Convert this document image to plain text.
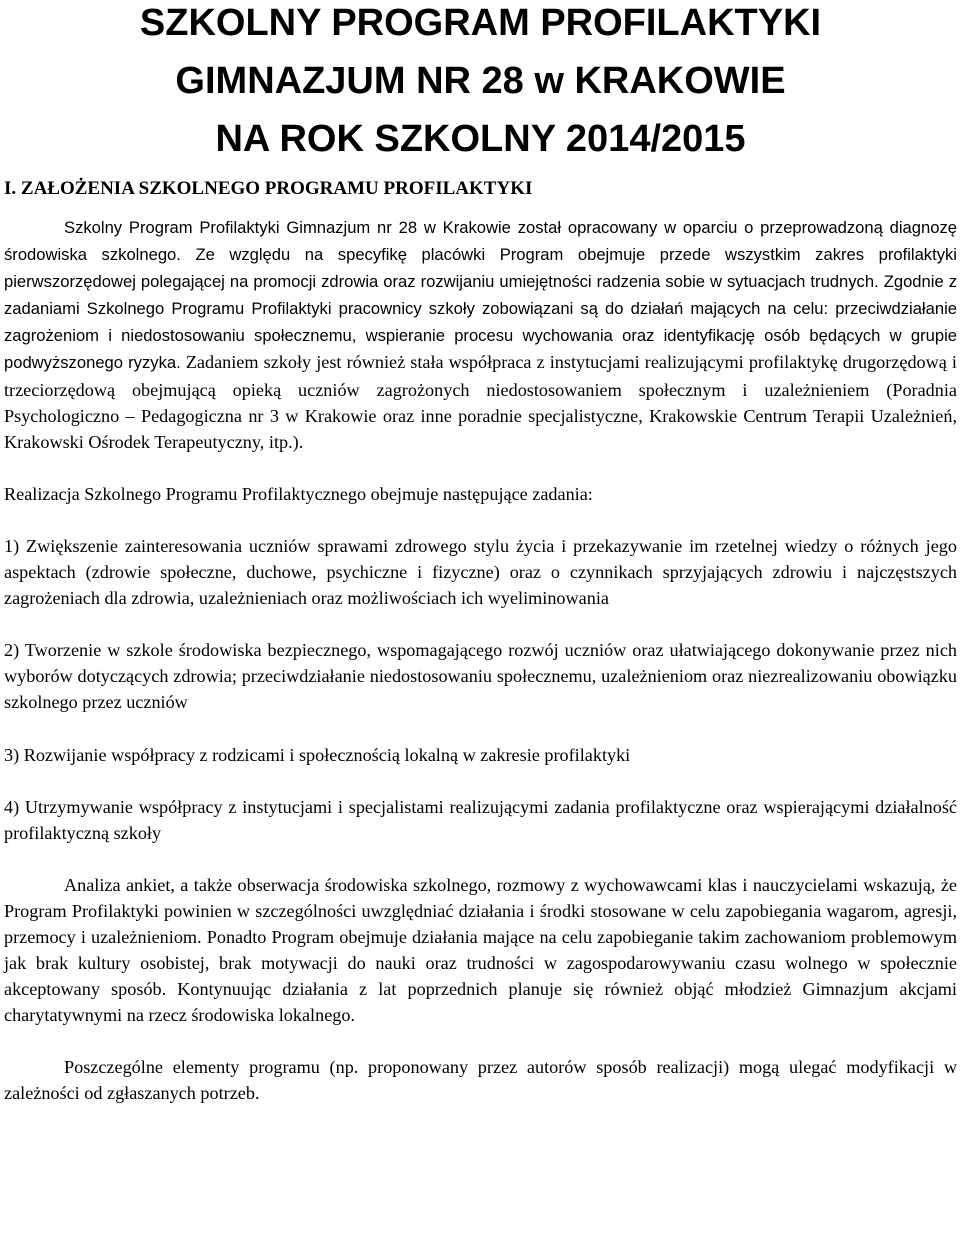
SZKOLNY PROGRAM PROFILAKTYKI
GIMNAZJUM NR 28 w KRAKOWIE
NA ROK SZKOLNY 2014/2015
I. ZAŁOŻENIA SZKOLNEGO PROGRAMU PROFILAKTYKI

Szkolny Program Profilaktyki Gimnazjum nr 28 w Krakowie został opracowany w oparciu o przeprowadzoną diagnozę środowiska szkolnego. Ze względu na specyfikę placówki Program obejmuje przede wszystkim zakres profilaktyki pierwszorzędowej polegającej na promocji zdrowia oraz rozwijaniu umiejętności radzenia sobie w sytuacjach trudnych. Zgodnie z zadaniami Szkolnego Programu Profilaktyki pracownicy szkoły zobowiązani są do działań mających na celu: przeciwdziałanie zagrożeniom i niedostosowaniu społecznemu, wspieranie procesu wychowania oraz identyfikację osób będących w grupie podwyższonego ryzyka. Zadaniem szkoły jest również stała współpraca z instytucjami realizującymi profilaktykę drugorzędową i trzeciorzędową obejmującą opieką uczniów zagrożonych niedostosowaniem społecznym i uzależnieniem (Poradnia Psychologiczno – Pedagogiczna nr 3 w Krakowie oraz inne poradnie specjalistyczne, Krakowskie Centrum Terapii Uzależnień, Krakowski Ośrodek Terapeutyczny, itp.).

Realizacja Szkolnego Programu Profilaktycznego obejmuje następujące zadania:

1) Zwiększenie zainteresowania uczniów sprawami zdrowego stylu życia i przekazywanie im rzetelnej wiedzy o różnych jego aspektach (zdrowie społeczne, duchowe, psychiczne i fizyczne) oraz o czynnikach sprzyjających zdrowiu i najczęstszych zagrożeniach dla zdrowia, uzależnieniach oraz możliwościach ich wyeliminowania

2) Tworzenie w szkole środowiska bezpiecznego, wspomagającego rozwój uczniów oraz ułatwiającego dokonywanie przez nich wyborów dotyczących zdrowia; przeciwdziałanie niedostosowaniu społecznemu, uzależnieniom oraz niezrealizowaniu obowiązku szkolnego przez uczniów

3) Rozwijanie współpracy z rodzicami i społecznością lokalną w zakresie profilaktyki

4) Utrzymywanie współpracy z instytucjami i specjalistami realizującymi zadania profilaktyczne oraz wspierającymi działalność profilaktyczną szkoły

Analiza ankiet, a także obserwacja środowiska szkolnego, rozmowy z wychowawcami klas i nauczycielami wskazują, że Program Profilaktyki powinien w szczególności uwzględniać działania i środki stosowane w celu zapobiegania wagarom, agresji, przemocy i uzależnieniom. Ponadto Program obejmuje działania mające na celu zapobieganie takim zachowaniom problemowym jak brak kultury osobistej, brak motywacji do nauki oraz trudności w zagospodarowywaniu czasu wolnego w społecznie akceptowany sposób. Kontynuując działania z lat poprzednich planuje się również objąć młodzież Gimnazjum akcjami charytatywnymi na rzecz środowiska lokalnego.

Poszczególne elementy programu (np. proponowany przez autorów sposób realizacji) mogą ulegać modyfikacji w zależności od zgłaszanych potrzeb.
